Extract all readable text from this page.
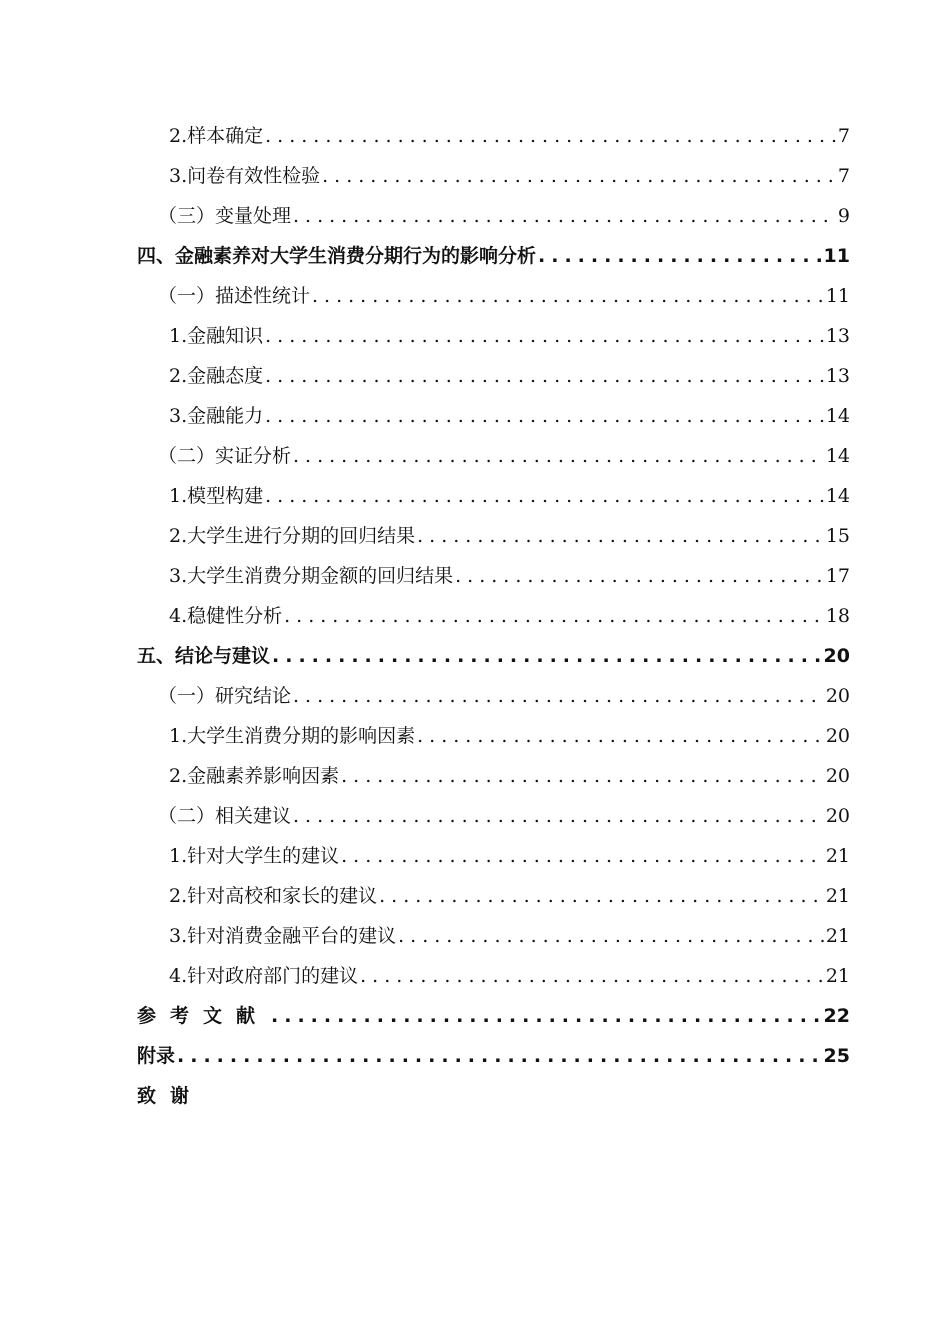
2.样本确定 .....	7
3.问卷有效性检验 .....	7
（三）变量处理 .....	9
四、金融素养对大学生消费分期行为的影响分析 .....	11
（一）描述性统计 .....	11
1.金融知识 .....	13
2.金融态度 .....	13
3.金融能力 .....	14
（二）实证分析 .....	14
1.模型构建 .....	14
2.大学生进行分期的回归结果 .....	15
3.大学生消费分期金额的回归结果 .....	17
4.稳健性分析 .....	18
五、结论与建议 .....	20
（一）研究结论 .....	20
1.大学生消费分期的影响因素 .....	20
2.金融素养影响因素 .....	20
（二）相关建议 .....	20
1.针对大学生的建议 .....	21
2.针对高校和家长的建议 .....	21
3.针对消费金融平台的建议 .....	21
4.针对政府部门的建议 .....	21
参考文献 .....	22
附录 .....	25
致谢
